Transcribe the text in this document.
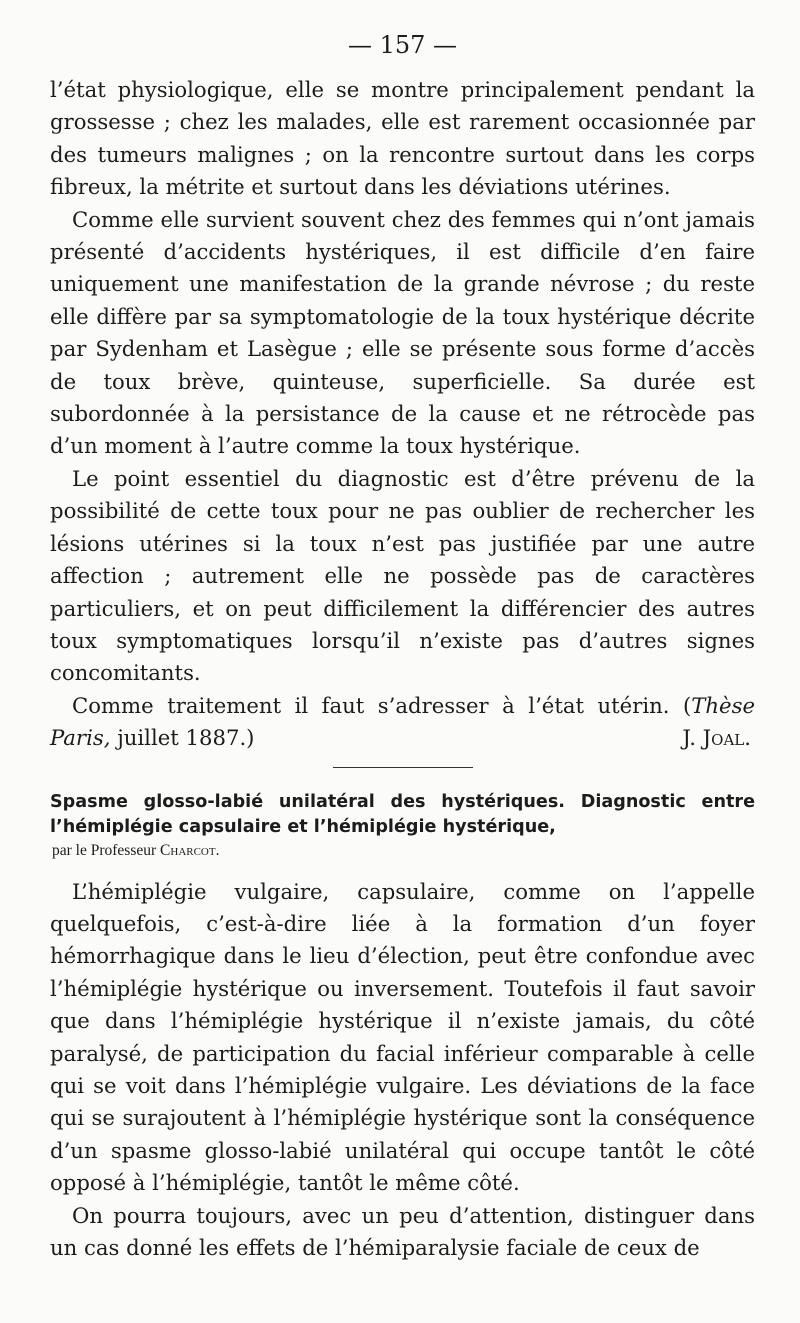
— 157 —

l’état physiologique, elle se montre principalement pendant la grossesse ; chez les malades, elle est rarement occasionnée par des tumeurs malignes ; on la rencontre surtout dans les corps fibreux, la métrite et surtout dans les déviations utérines.

Comme elle survient souvent chez des femmes qui n’ont jamais présenté d’accidents hystériques, il est difficile d’en faire uniquement une manifestation de la grande névrose ; du reste elle diffère par sa symptomatologie de la toux hystérique décrite par Sydenham et Lasègue ; elle se présente sous forme d’accès de toux brève, quinteuse, superficielle. Sa durée est subordonnée à la persistance de la cause et ne rétrocède pas d’un moment à l’autre comme la toux hystérique.

Le point essentiel du diagnostic est d’être prévenu de la possibilité de cette toux pour ne pas oublier de rechercher les lésions utérines si la toux n’est pas justifiée par une autre affection ; autrement elle ne possède pas de caractères particuliers, et on peut difficilement la différencier des autres toux symptomatiques lorsqu’il n’existe pas d’autres signes concomitants.

Comme traitement il faut s’adresser à l’état utérin. (Thèse Paris, juillet 1887.)	J. Joal.

Spasme glosso-labié unilatéral des hystériques. Diagnostic entre l’hémiplégie capsulaire et l’hémiplégie hystérique,

par le Professeur Charcot.

L’hémiplégie vulgaire, capsulaire, comme on l’appelle quelquefois, c’est-à-dire liée à la formation d’un foyer hémorrhagique dans le lieu d’élection, peut être confondue avec l’hémiplégie hystérique ou inversement. Toutefois il faut savoir que dans l’hémiplégie hystérique il n’existe jamais, du côté paralysé, de participation du facial inférieur comparable à celle qui se voit dans l’hémiplégie vulgaire. Les déviations de la face qui se surajoutent à l’hémiplégie hystérique sont la conséquence d’un spasme glosso-labié unilatéral qui occupe tantôt le côté opposé à l’hémiplégie, tantôt le même côté.

On pourra toujours, avec un peu d’attention, distinguer dans un cas donné les effets de l’hémiparalysie faciale de ceux de
